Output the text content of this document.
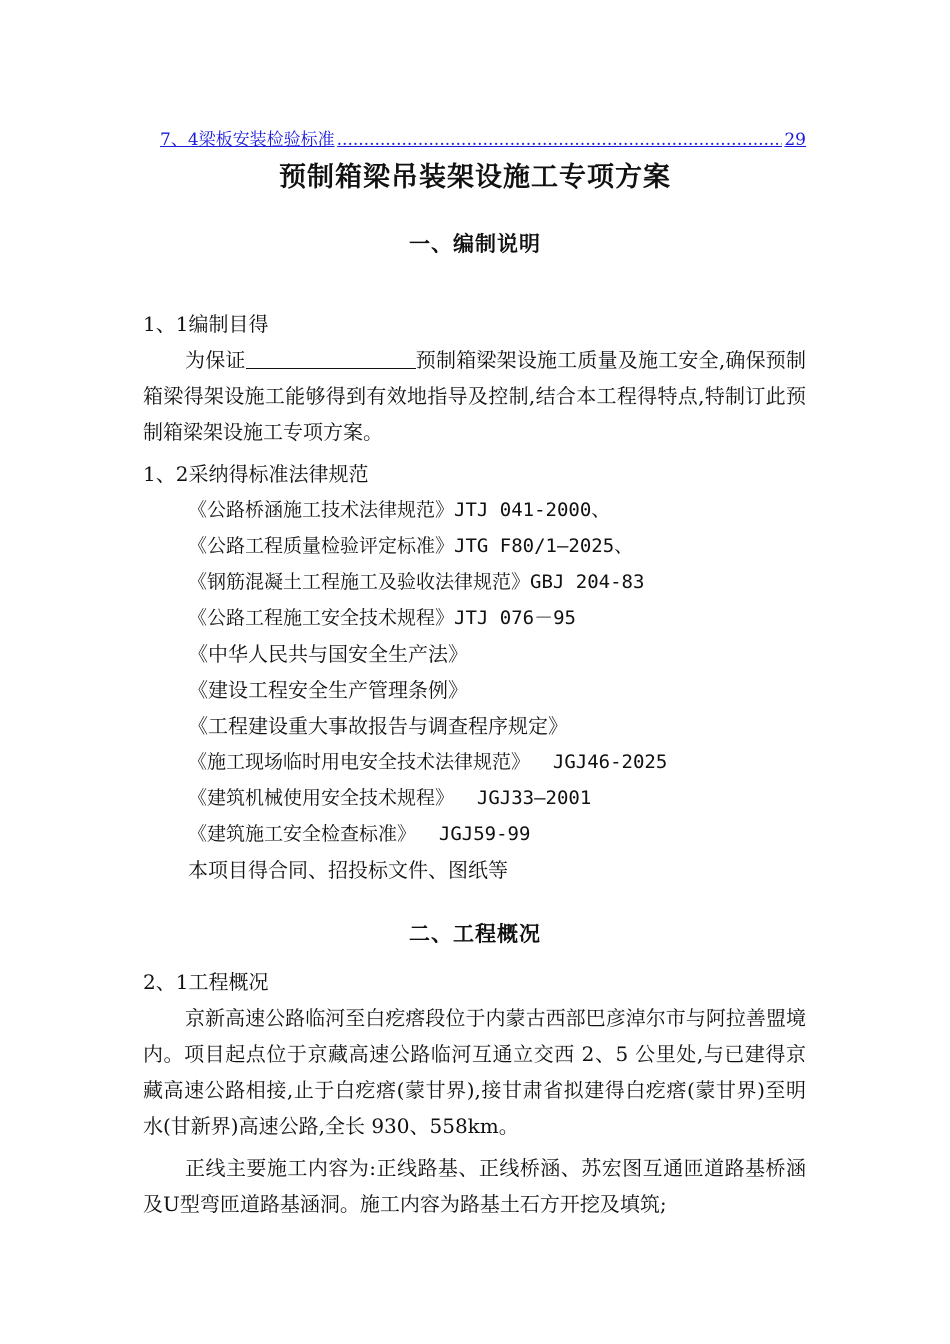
7、4梁板安装检验标准
.....	29
预制箱梁吊装架设施工专项方案
一、编制说明
1、1编制目得
为保证	预制箱梁架设施工质量及施工安全,确保预制箱梁得架设施工能够得到有效地指导及控制,结合本工程得特点,特制订此预制箱梁架设施工专项方案。
1、2采纳得标准法律规范
《公路桥涵施工技术法律规范》JTJ 041-2000、
《公路工程质量检验评定标准》JTG F80/1—2025、
《钢筋混凝土工程施工及验收法律规范》GBJ 204-83
《公路工程施工安全技术规程》JTJ 076－95
《中华人民共与国安全生产法》
《建设工程安全生产管理条例》
《工程建设重大事故报告与调查程序规定》
《施工现场临时用电安全技术法律规范》  JGJ46-2025
《建筑机械使用安全技术规程》  JGJ33—2001
《建筑施工安全检查标准》  JGJ59-99
本项目得合同、招投标文件、图纸等
二、工程概况
2、1工程概况
京新高速公路临河至白疙瘩段位于内蒙古西部巴彦淖尔市与阿拉善盟境内。项目起点位于京藏高速公路临河互通立交西 2、5 公里处,与已建得京藏高速公路相接,止于白疙瘩(蒙甘界),接甘肃省拟建得白疙瘩(蒙甘界)至明水(甘新界)高速公路,全长 930、558km。
正线主要施工内容为:正线路基、正线桥涵、苏宏图互通匝道路基桥涵及U型弯匝道路基涵洞。施工内容为路基土石方开挖及填筑;
